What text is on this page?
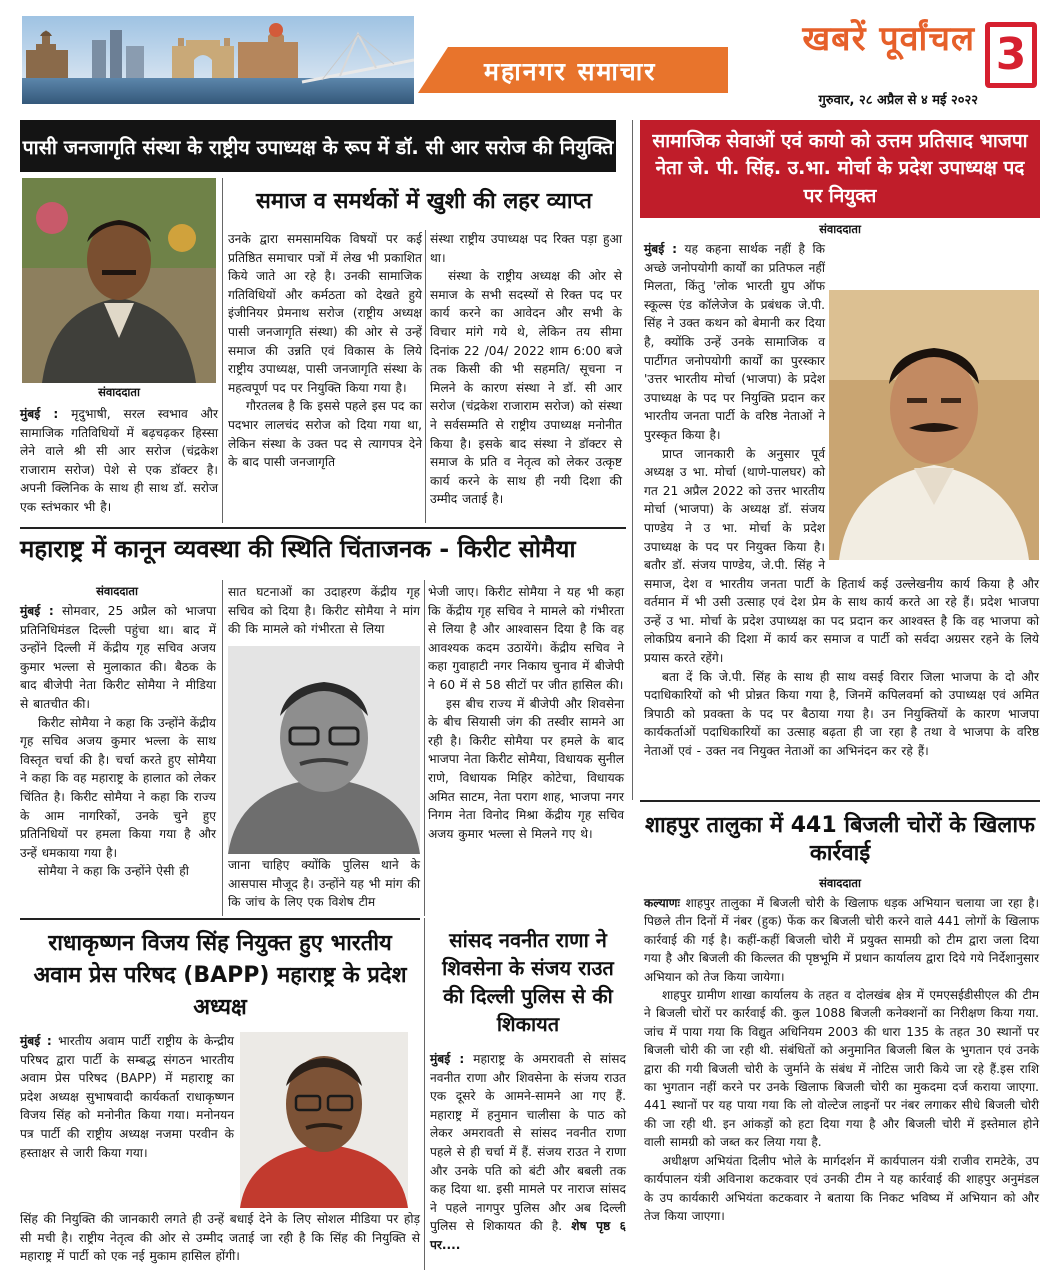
महानगर समाचार
खबरें पूर्वांचल 3
गुरुवार, २८ अप्रैल से ४ मई २०२२
पासी जनजागृति संस्था के राष्ट्रीय उपाध्यक्ष के रूप में डॉ. सी आर सरोज की नियुक्ति
संवाददाता
मुंबई : मृदुभाषी, सरल स्वभाव और सामाजिक गतिविधियों में बढ़चढ़कर हिस्सा लेने वाले श्री सी आर सरोज (चंद्रकेश राजाराम सरोज) पेशे से एक डॉक्टर है। अपनी क्लिनिक के साथ ही साथ डॉ. सरोज एक स्तंभकार भी है।
समाज व समर्थकों में खुशी की लहर व्याप्त
उनके द्वारा समसामयिक विषयों पर कई प्रतिष्ठित समाचार पत्रों में लेख भी प्रकाशित किये जाते आ रहे है। उनकी सामाजिक गतिविधियों और कर्मठता को देखते हुये इंजीनियर प्रेमनाथ सरोज (राष्ट्रीय अध्यक्ष पासी जनजागृति संस्था) की ओर से उन्हें समाज की उन्नति एवं विकास के लिये राष्ट्रीय उपाध्यक्ष, पासी जनजागृति संस्था के महत्वपूर्ण पद पर नियुक्ति किया गया है।
गौरतलब है कि इससे पहले इस पद का पदभार लालचंद सरोज को दिया गया था, लेकिन संस्था के उक्त पद से त्यागपत्र देने के बाद पासी जनजागृति
संस्था राष्ट्रीय उपाध्यक्ष पद रिक्त पड़ा हुआ था।
संस्था के राष्ट्रीय अध्यक्ष की ओर से समाज के सभी सदस्यों से रिक्त पद पर कार्य करने का आवेदन और सभी के विचार मांगे गये थे, लेकिन तय सीमा दिनांक 22 /04/ 2022 शाम 6:00 बजे तक किसी की भी सहमति/ सूचना न मिलने के कारण संस्था ने डॉ. सी आर सरोज (चंद्रकेश राजाराम सरोज) को संस्था ने सर्वसम्मति से राष्ट्रीय उपाध्यक्ष मनोनीत किया है। इसके बाद संस्था ने डॉक्टर से समाज के प्रति व नेतृत्व को लेकर उत्कृष्ट कार्य करने के साथ ही नयी दिशा की उम्मीद जताई है।
सामाजिक सेवाओं एवं कायो को उत्तम प्रतिसाद भाजपा नेता जे. पी. सिंह. उ.भा. मोर्चा के प्रदेश उपाध्यक्ष पद पर नियुक्त
संवाददाता
महाराष्ट्र में कानून व्यवस्था की स्थिति चिंताजनक - किरीट सोमैया
संवाददाता
मुंबई : सोमवार, 25 अप्रैल को भाजपा प्रतिनिधिमंडल दिल्ली पहुंचा था। बाद में उन्होंने दिल्ली में केंद्रीय गृह सचिव अजय कुमार भल्ला से मुलाकात की। बैठक के बाद बीजेपी नेता किरीट सोमैया ने मीडिया से बातचीत की।
किरीट सोमैया ने कहा कि उन्होंने केंद्रीय गृह सचिव अजय कुमार भल्ला के साथ विस्तृत चर्चा की है। चर्चा करते हुए सोमैया ने कहा कि वह महाराष्ट्र के हालात को लेकर चिंतित है। किरीट सोमैया ने कहा कि राज्य के आम नागरिकों, उनके चुने हुए प्रतिनिधियों पर हमला किया गया है और उन्हें धमकाया गया है।
सोमैया ने कहा कि उन्होंने ऐसी ही
सात घटनाओं का उदाहरण केंद्रीय गृह सचिव को दिया है। किरीट सोमैया ने मांग की कि मामले को गंभीरता से लिया
जाना चाहिए क्योंकि पुलिस थाने के आसपास मौजूद है। उन्होंने यह भी मांग की कि जांच के लिए एक विशेष टीम
भेजी जाए। किरीट सोमैया ने यह भी कहा कि केंद्रीय गृह सचिव ने मामले को गंभीरता से लिया है और आश्वासन दिया है कि वह आवश्यक कदम उठायेंगे। केंद्रीय सचिव ने कहा गुवाहाटी नगर निकाय चुनाव में बीजेपी ने 60 में से 58 सीटों पर जीत हासिल की।
इस बीच राज्य में बीजेपी और शिवसेना के बीच सियासी जंग की तस्वीर सामने आ रही है। किरीट सोमैया पर हमले के बाद भाजपा नेता किरीट सोमैया, विधायक सुनील राणे, विधायक मिहिर कोटेचा, विधायक अमित साटम, नेता पराग शाह, भाजपा नगर निगम नेता विनोद मिश्रा केंद्रीय गृह सचिव अजय कुमार भल्ला से मिलने गए थे।	शाहपुर तालुका में 441 बिजली चोरों के खिलाफ कार्रवाई
संवाददाता
कल्याणः शाहपुर तालुका में बिजली चोरी के खिलाफ धड़क अभियान चलाया जा रहा है। पिछले तीन दिनों में नंबर (हुक) फेंक कर बिजली चोरी करने वाले 441 लोगों के खिलाफ कार्रवाई की गई है। कहीं-कहीं बिजली चोरी में प्रयुक्त सामग्री को टीम द्वारा जला दिया गया है और बिजली की किल्लत की पृष्ठभूमि में प्रधान कार्यालय द्वारा दिये गये निर्देशानुसार अभियान को तेज किया जायेगा।
शाहपुर ग्रामीण शाखा कार्यालय के तहत व दोलखंब क्षेत्र में एमएसईडीसीएल की टीम ने बिजली चोरों पर कार्रवाई की. कुल 1088 बिजली कनेक्शनों का निरीक्षण किया गया. जांच में पाया गया कि विद्युत अधिनियम 2003 की धारा 135 के तहत 30 स्थानों पर बिजली चोरी की जा रही थी. संबंधितों को अनुमानित बिजली बिल के भुगतान एवं उनके द्वारा की गयी बिजली चोरी के जुर्माने के संबंध में नोटिस जारी किये जा रहे हैं.इस राशि का भुगतान नहीं करने पर उनके खिलाफ बिजली चोरी का मुकदमा दर्ज कराया जाएगा. 441 स्थानों पर यह पाया गया कि लो वोल्टेज लाइनों पर नंबर लगाकर सीधे बिजली चोरी की जा रही थी. इन आंकड़ों को हटा दिया गया है और बिजली चोरी में इस्तेमाल होने वाली सामग्री को जब्त कर लिया गया है.
अधीक्षण अभियंता दिलीप भोले के मार्गदर्शन में कार्यपालन यंत्री राजीव रामटेके, उप कार्यपालन यंत्री अविनाश कटकवार एवं उनकी टीम ने यह कार्रवाई की शाहपुर अनुमंडल के उप कार्यकारी अभियंता कटकवार ने बताया कि निकट भविष्य में अभियान को और तेज किया जाएगा।
राधाकृष्णन विजय सिंह नियुक्त हुए भारतीय अवाम प्रेस परिषद (BAPP) महाराष्ट्र के प्रदेश अध्यक्ष
मुंबई : भारतीय अवाम पार्टी राष्ट्रीय के केन्द्रीय परिषद द्वारा पार्टी के सम्बद्ध संगठन भारतीय अवाम प्रेस परिषद (BAPP) में महाराष्ट्र का प्रदेश अध्यक्ष सुभाषवादी कार्यकर्ता राधाकृष्णन विजय सिंह को मनोनीत किया गया। मनोनयन पत्र पार्टी की राष्ट्रीय अध्यक्ष नजमा परवीन के हस्ताक्षर से जारी किया गया।
सिंह की नियुक्ति की जानकारी लगते ही उन्हें बधाई देने के लिए सोशल मीडिया पर होड़ सी मची है। राष्ट्रीय नेतृत्व की ओर से उम्मीद जताई जा रही है कि सिंह की नियुक्ति से महाराष्ट्र में पार्टी को एक नई मुकाम हासिल होंगी।
सांसद नवनीत राणा ने शिवसेना के संजय राउत की दिल्ली पुलिस से की शिकायत
मुंबई : महाराष्ट्र के अमरावती से सांसद नवनीत राणा और शिवसेना के संजय राउत एक दूसरे के आमने-सामने आ गए हैं. महाराष्ट्र में हनुमान चालीसा के पाठ को लेकर अमरावती से सांसद नवनीत राणा पहले से ही चर्चा में हैं. संजय राउत ने राणा और उनके पति को बंटी और बबली तक कह दिया था. इसी मामले पर नाराज सांसद ने पहले नागपुर पुलिस और अब दिल्ली पुलिस से शिकायत की है. शेष पृष्ठ ६ पर....
मुंबई : यह कहना सार्थक नहीं है कि अच्छे जनोपयोगी कार्यों का प्रतिफल नहीं मिलता, किंतु 'लोक भारती ग्रुप ऑफ स्कूल्स एंड कॉलेजेज के प्रबंधक जे.पी. सिंह ने उक्त कथन को बेमानी कर दिया है, क्योंकि उन्हें उनके सामाजिक व पार्टीगत जनोपयोगी कार्यों का पुरस्कार 'उत्तर भारतीय मोर्चा (भाजपा) के प्रदेश उपाध्यक्ष के पद पर नियुक्ति प्रदान कर भारतीय जनता पार्टी के वरिष्ठ नेताओं ने पुरस्कृत किया है।
प्राप्त जानकारी के अनुसार पूर्व अध्यक्ष उ भा. मोर्चा (थाणे-पालघर) को गत 21 अप्रैल 2022 को उत्तर भारतीय मोर्चा (भाजपा) के अध्यक्ष डॉ. संजय पाण्डेय ने उ भा. मोर्चा के प्रदेश उपाध्यक्ष के पद पर नियुक्त किया है। बतौर डॉ. संजय पाण्डेय, जे.पी. सिंह ने समाज, देश व भारतीय जनता पार्टी के हितार्थ कई उल्लेखनीय कार्य किया है और वर्तमान में भी उसी उत्साह एवं देश प्रेम के साथ कार्य करते आ रहे हैं। प्रदेश भाजपा उन्हें उ भा. मोर्चा के प्रदेश उपाध्यक्ष का पद प्रदान कर आश्वस्त है कि वह भाजपा को लोकप्रिय बनाने की दिशा में कार्य कर समाज व पार्टी को सर्वदा अग्रसर रहने के लिये प्रयास करते रहेंगे।
बता दें कि जे.पी. सिंह के साथ ही साथ वसई विरार जिला भाजपा के दो और पदाधिकारियों को भी प्रोन्नत किया गया है, जिनमें कपिलवर्मा को उपाध्यक्ष एवं अमित त्रिपाठी को प्रवक्ता के पद पर बैठाया गया है। उन नियुक्तियों के कारण भाजपा कार्यकर्ताओं पदाधिकारियों का उत्साह बढ़ता ही जा रहा है तथा वे भाजपा के वरिष्ठ नेताओं एवं - उक्त नव नियुक्त नेताओं का अभिनंदन कर रहे हैं।
